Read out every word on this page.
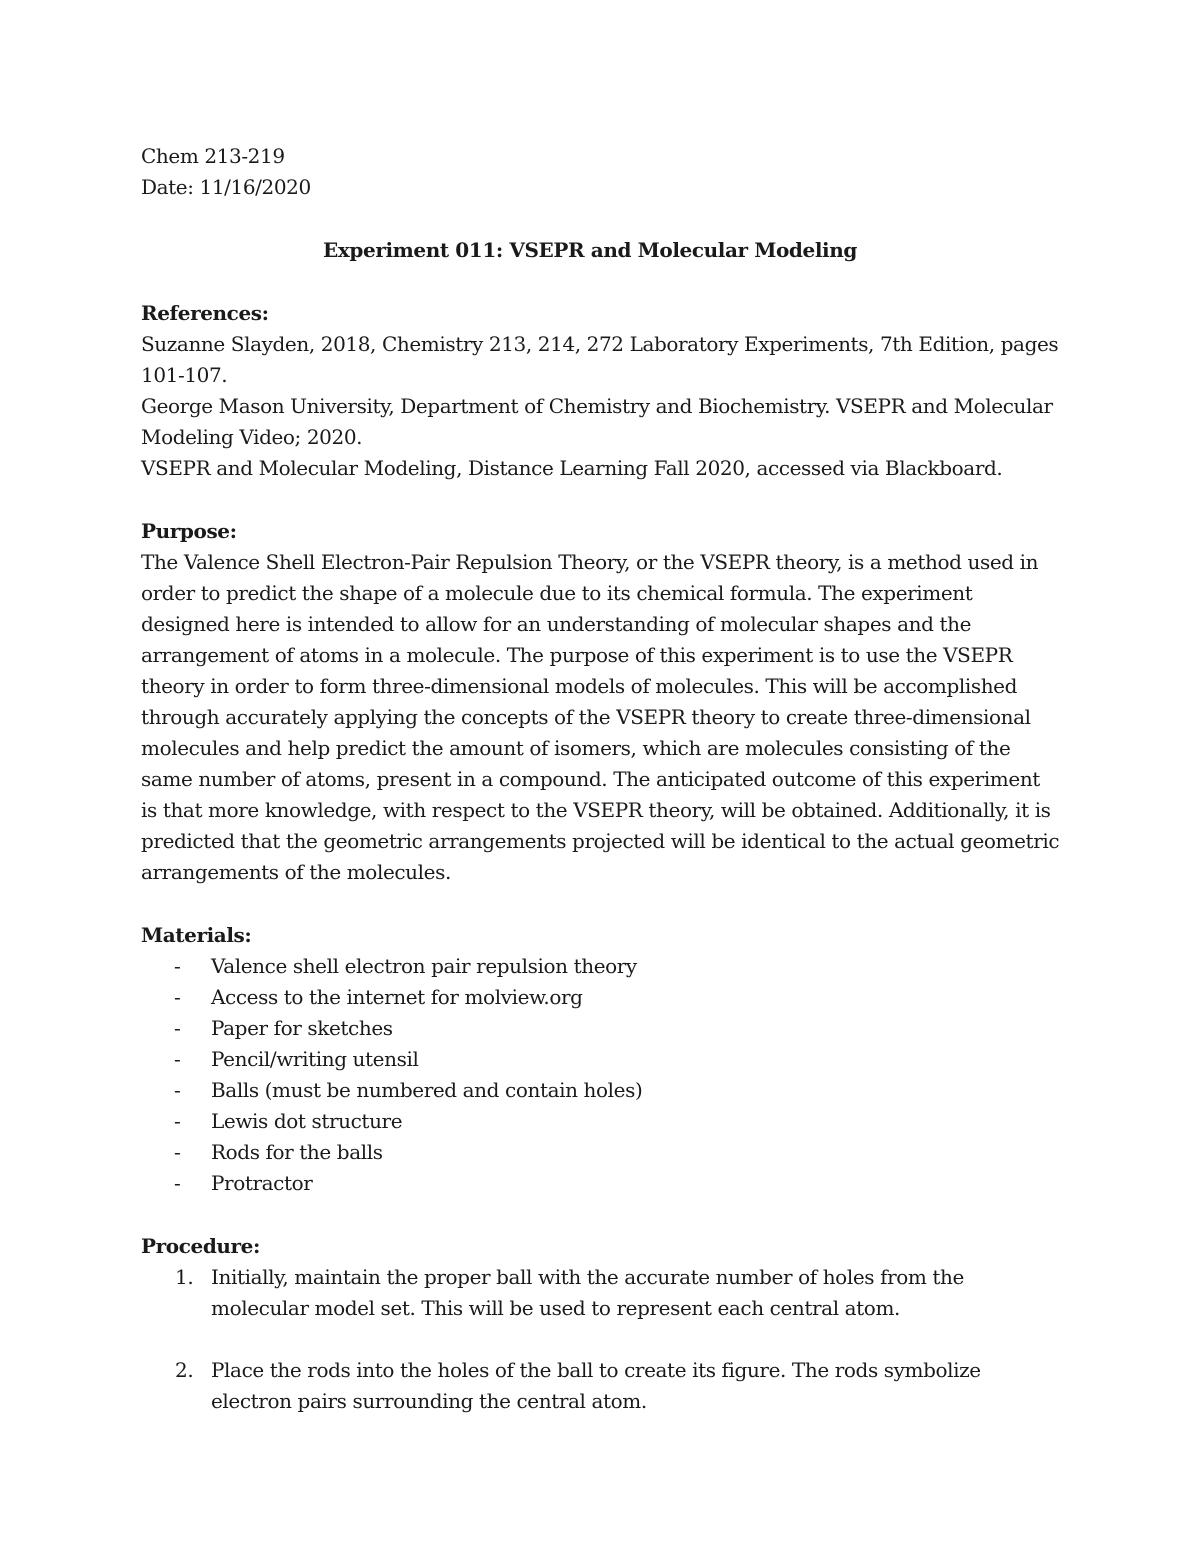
Chem 213-219
Date: 11/16/2020
Experiment 011: VSEPR and Molecular Modeling
References:
Suzanne Slayden, 2018, Chemistry 213, 214, 272 Laboratory Experiments, 7th Edition, pages 101-107.
George Mason University, Department of Chemistry and Biochemistry. VSEPR and Molecular Modeling Video; 2020.
VSEPR and Molecular Modeling, Distance Learning Fall 2020, accessed via Blackboard.
Purpose:
The Valence Shell Electron-Pair Repulsion Theory, or the VSEPR theory, is a method used in order to predict the shape of a molecule due to its chemical formula. The experiment designed here is intended to allow for an understanding of molecular shapes and the arrangement of atoms in a molecule. The purpose of this experiment is to use the VSEPR theory in order to form three-dimensional models of molecules. This will be accomplished through accurately applying the concepts of the VSEPR theory to create three-dimensional molecules and help predict the amount of isomers, which are molecules consisting of the same number of atoms, present in a compound. The anticipated outcome of this experiment is that more knowledge, with respect to the VSEPR theory, will be obtained. Additionally, it is predicted that the geometric arrangements projected will be identical to the actual geometric arrangements of the molecules.
Materials:
- Valence shell electron pair repulsion theory
- Access to the internet for molview.org
- Paper for sketches
- Pencil/writing utensil
- Balls (must be numbered and contain holes)
- Lewis dot structure
- Rods for the balls
- Protractor
Procedure:
1. Initially, maintain the proper ball with the accurate number of holes from the molecular model set. This will be used to represent each central atom.
2. Place the rods into the holes of the ball to create its figure. The rods symbolize electron pairs surrounding the central atom.
